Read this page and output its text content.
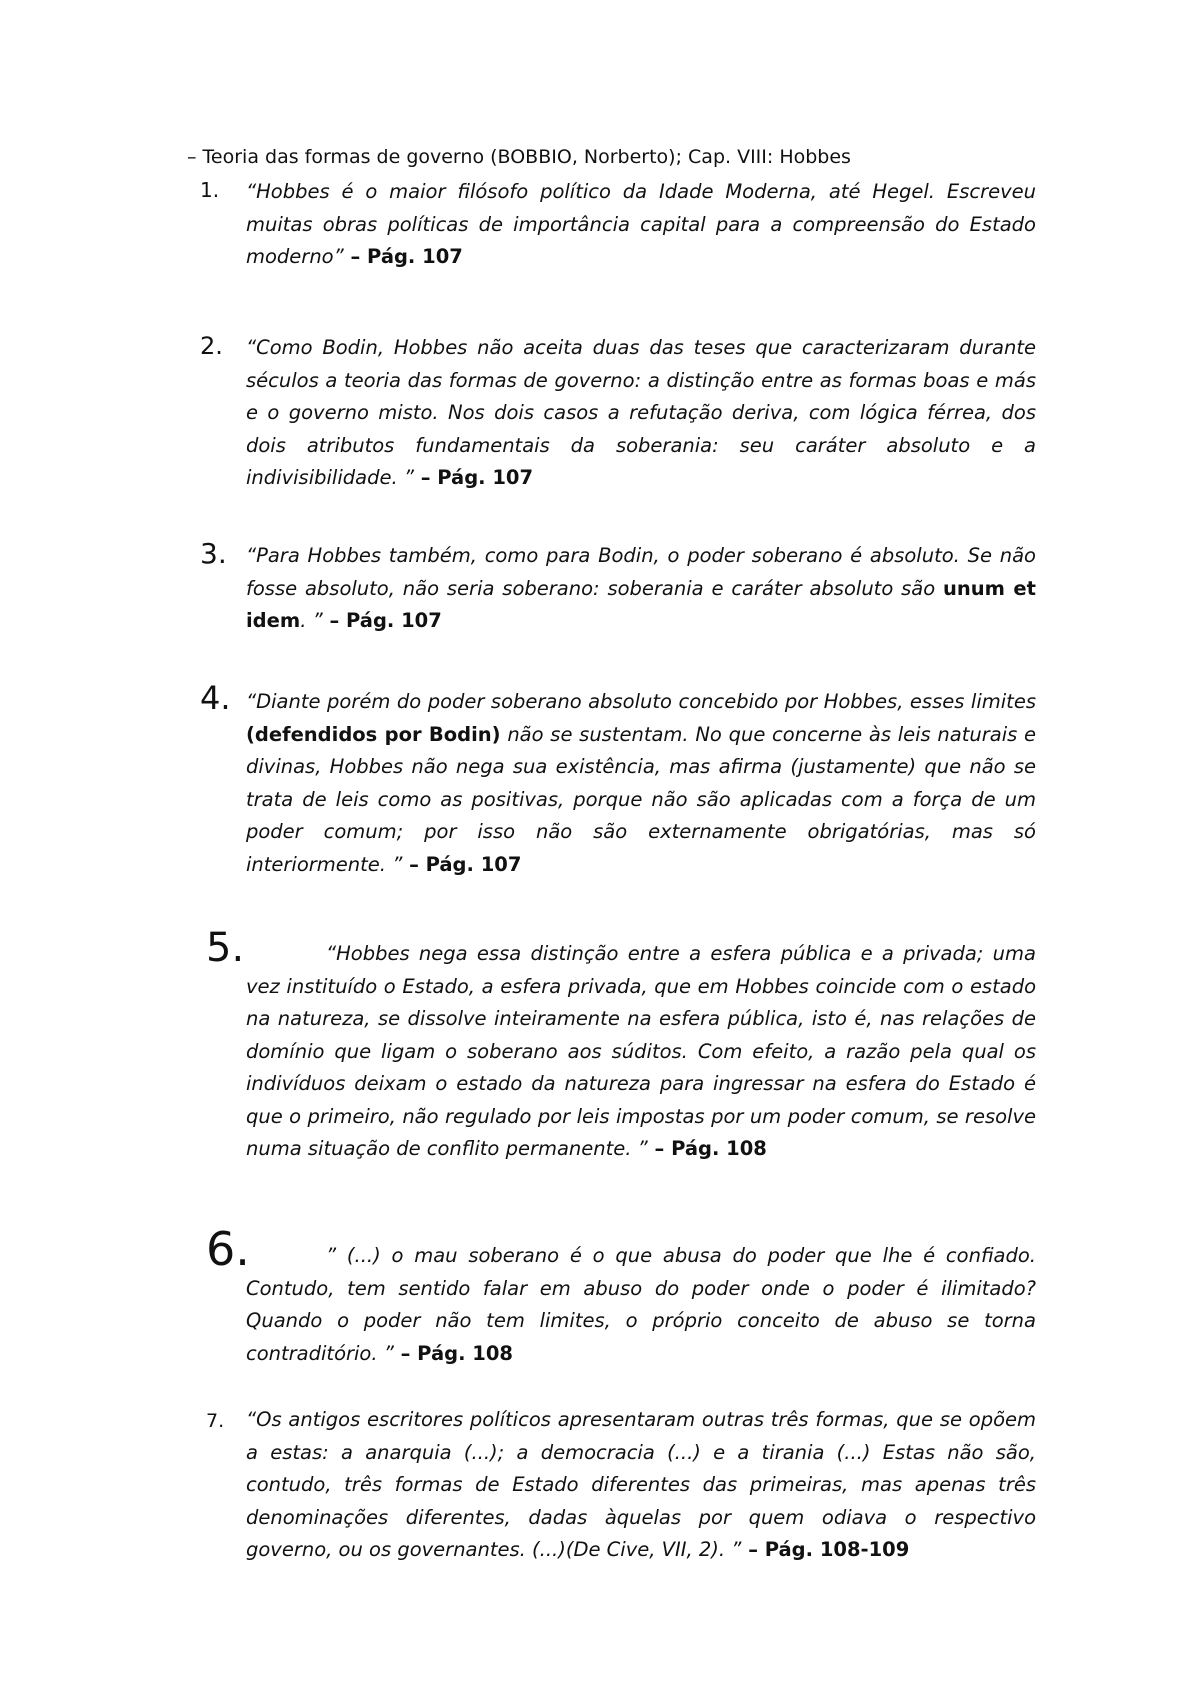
– Teoria das formas de governo (BOBBIO, Norberto); Cap. VIII: Hobbes
1. “Hobbes é o maior filósofo político da Idade Moderna, até Hegel. Escreveu muitas obras políticas de importância capital para a compreensão do Estado moderno” – Pág. 107
2. “Como Bodin, Hobbes não aceita duas das teses que caracterizaram durante séculos a teoria das formas de governo: a distinção entre as formas boas e más e o governo misto. Nos dois casos a refutação deriva, com lógica férrea, dos dois atributos fundamentais da soberania: seu caráter absoluto e a indivisibilidade. ” – Pág. 107
3. “Para Hobbes também, como para Bodin, o poder soberano é absoluto. Se não fosse absoluto, não seria soberano: soberania e caráter absoluto são unum et idem. ” – Pág. 107
4. “Diante porém do poder soberano absoluto concebido por Hobbes, esses limites (defendidos por Bodin) não se sustentam. No que concerne às leis naturais e divinas, Hobbes não nega sua existência, mas afirma (justamente) que não se trata de leis como as positivas, porque não são aplicadas com a força de um poder comum; por isso não são externamente obrigatórias, mas só interiormente. ” – Pág. 107
5.	“Hobbes nega essa distinção entre a esfera pública e a privada; uma vez instituído o Estado, a esfera privada, que em Hobbes coincide com o estado na natureza, se dissolve inteiramente na esfera pública, isto é, nas relações de domínio que ligam o soberano aos súditos. Com efeito, a razão pela qual os indivíduos deixam o estado da natureza para ingressar na esfera do Estado é que o primeiro, não regulado por leis impostas por um poder comum, se resolve numa situação de conflito permanente. ” – Pág. 108
6.	” (...) o mau soberano é o que abusa do poder que lhe é confiado. Contudo, tem sentido falar em abuso do poder onde o poder é ilimitado? Quando o poder não tem limites, o próprio conceito de abuso se torna contraditório. ” – Pág. 108
7. “Os antigos escritores políticos apresentaram outras três formas, que se opõem a estas: a anarquia (...); a democracia (...) e a tirania (...) Estas não são, contudo, três formas de Estado diferentes das primeiras, mas apenas três denominações diferentes, dadas àquelas por quem odiava o respectivo governo, ou os governantes. (...)(De Cive, VII, 2). ” – Pág. 108-109
